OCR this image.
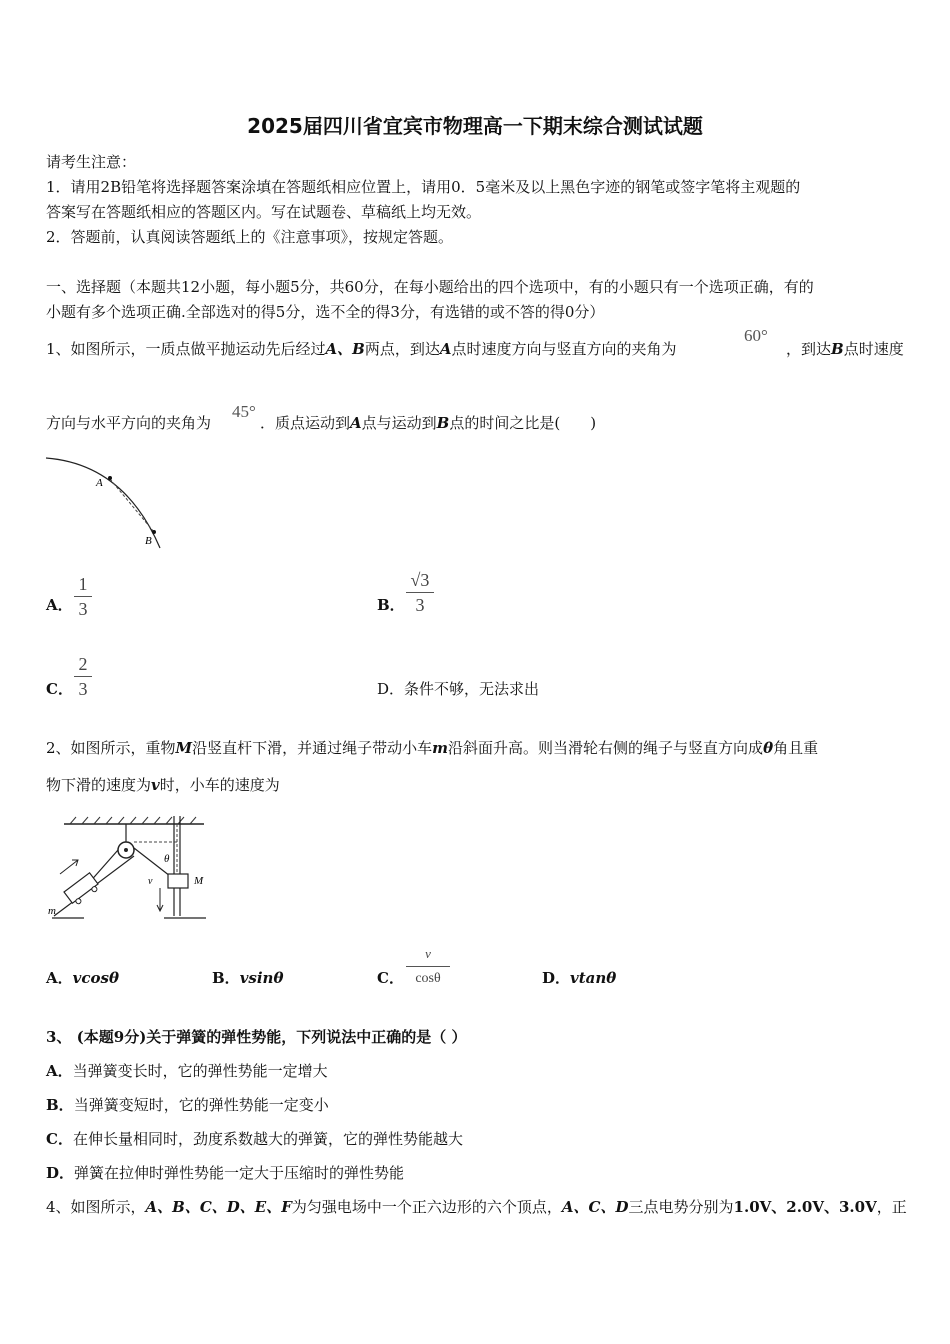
2025届四川省宜宾市物理高一下期末综合测试试题
请考生注意：
1．请用2B铅笔将选择题答案涂填在答题纸相应位置上，请用0．5毫米及以上黑色字迹的钢笔或签字笔将主观题的
答案写在答题纸相应的答题区内。写在试题卷、草稿纸上均无效。
2．答题前，认真阅读答题纸上的《注意事项》，按规定答题。
一、选择题（本题共12小题，每小题5分，共60分，在每小题给出的四个选项中，有的小题只有一个选项正确，有的
小题有多个选项正确.全部选对的得5分，选不全的得3分，有选错的或不答的得0分）
1、如图所示，一质点做平抛运动先后经过A、B两点，到达A点时速度方向与竖直方向的夹角为
60°
，到达B点时速度
方向与水平方向的夹角为
45°
．质点运动到A点与运动到B点的时间之比是(　　)
A
B
A．
1
3	B．
√3
3
C．
2
3	D．条件不够，无法求出
2、如图所示，重物M沿竖直杆下滑，并通过绳子带动小车m沿斜面升高。则当滑轮右侧的绳子与竖直方向成θ角且重
物下滑的速度为v时，小车的速度为
M
θ
v
m
A．vcosθ	B．vsinθ	C．
v
cosθ	D．vtanθ
3、 (本题9分)关于弹簧的弹性势能，下列说法中正确的是（ ）
A．当弹簧变长时，它的弹性势能一定增大
B．当弹簧变短时，它的弹性势能一定变小
C．在伸长量相同时，劲度系数越大的弹簧，它的弹性势能越大
D．弹簧在拉伸时弹性势能一定大于压缩时的弹性势能
4、如图所示，A、B、C、D、E、F为匀强电场中一个正六边形的六个顶点，A、C、D三点电势分别为1.0V、2.0V、3.0V，正
